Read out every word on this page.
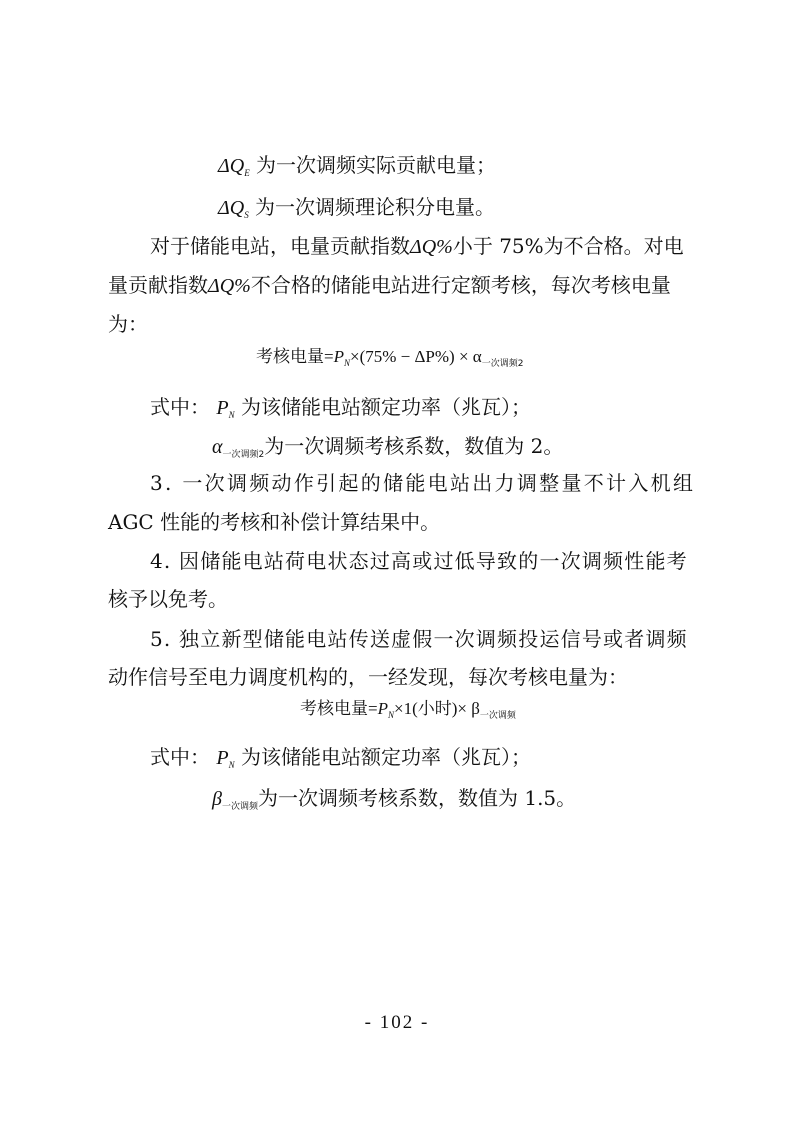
$\Delta Q_E$ 为一次调频实际贡献电量；
$\Delta Q_S$ 为一次调频理论积分电量。
对于储能电站，电量贡献指数ΔQ%小于 75%为不合格。对电
量贡献指数ΔQ%不合格的储能电站进行定额考核，每次考核电量
为：
考核电量$=P_N\times(75\% - \Delta P\%) \times \alpha_{一次调频2}$
式中： $P_N$ 为该储能电站额定功率（兆瓦）；
$\alpha_{一次调频2}$为一次调频考核系数，数值为 2。
3. 一次调频动作引起的储能电站出力调整量不计入机组
AGC 性能的考核和补偿计算结果中。
4. 因储能电站荷电状态过高或过低导致的一次调频性能考
核予以免考。
5. 独立新型储能电站传送虚假一次调频投运信号或者调频
动作信号至电力调度机构的，一经发现，每次考核电量为：
考核电量$=P_N\times 1$(小时)× $\beta_{一次调频}$
式中： $P_N$ 为该储能电站额定功率（兆瓦）；
$\beta_{一次调频}$为一次调频考核系数，数值为 1.5。
- 102 -
